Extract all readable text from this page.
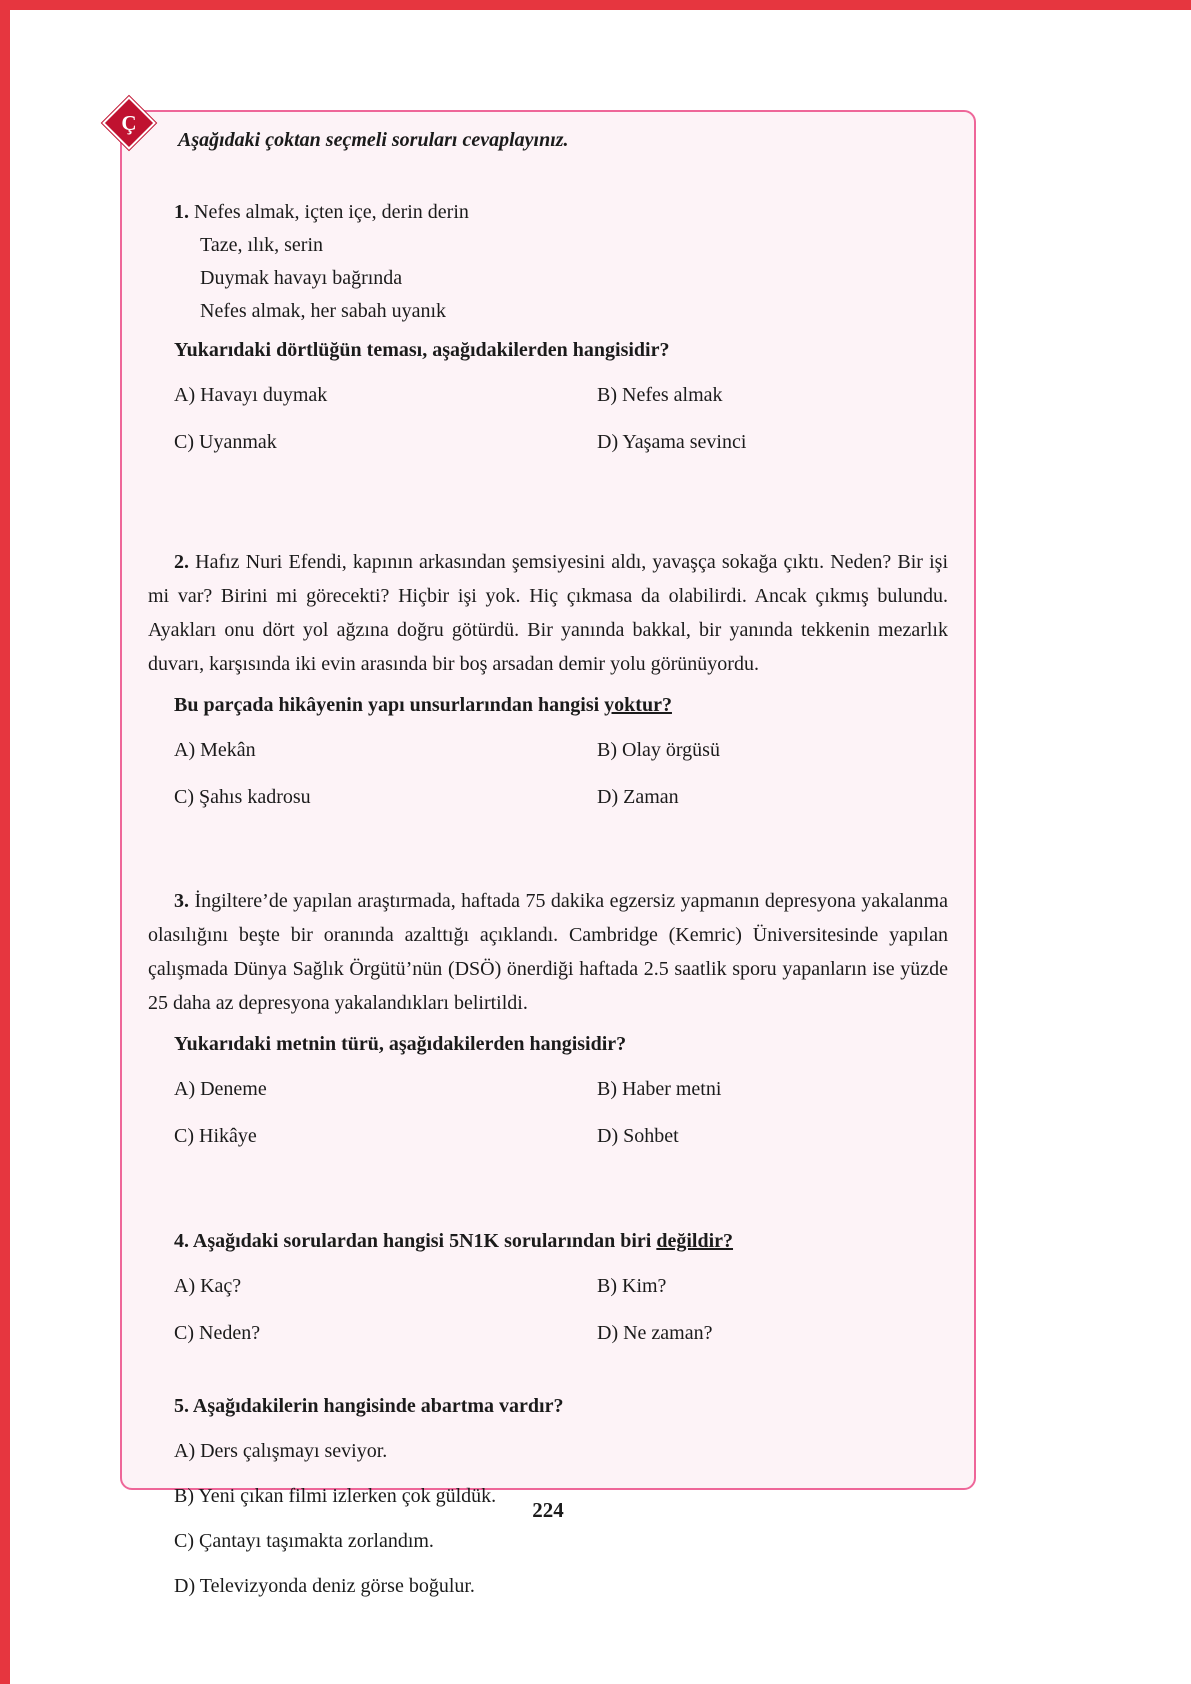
Ç
Aşağıdaki çoktan seçmeli soruları cevaplayınız.

1. Nefes almak, içten içe, derin derin

Taze, ılık, serin

Duymak havayı bağrında

Nefes almak, her sabah uyanık

Yukarıdaki dörtlüğün teması, aşağıdakilerden hangisidir?

A) Havayı duymak	B) Nefes almak
C) Uyanmak	D) Yaşama sevinci

2. Hafız Nuri Efendi, kapının arkasından şemsiyesini aldı, yavaşça sokağa çıktı. Neden? Bir işi mi var? Birini mi görecekti? Hiçbir işi yok. Hiç çıkmasa da olabilirdi. Ancak çıkmış bulundu. Ayakları onu dört yol ağzına doğru götürdü. Bir yanında bakkal, bir yanında tekkenin mezarlık duvarı, karşısında iki evin arasında bir boş arsadan demir yolu görünüyordu.

Bu parçada hikâyenin yapı unsurlarından hangisi yoktur?

A) Mekân	B) Olay örgüsü
C) Şahıs kadrosu	D) Zaman

3. İngiltere’de yapılan araştırmada, haftada 75 dakika egzersiz yapmanın depresyona yakalanma olasılığını beşte bir oranında azalttığı açıklandı. Cambridge (Kemric) Üniversitesinde yapılan çalışmada Dünya Sağlık Örgütü’nün (DSÖ) önerdiği haftada 2.5 saatlik sporu yapanların ise yüzde 25 daha az depresyona yakalandıkları belirtildi.

Yukarıdaki metnin türü, aşağıdakilerden hangisidir?

A) Deneme	B) Haber metni
C) Hikâye	D) Sohbet

4. Aşağıdaki sorulardan hangisi 5N1K sorularından biri değildir?

A) Kaç?	B) Kim?
C) Neden?	D) Ne zaman?

5. Aşağıdakilerin hangisinde abartma vardır?

A) Ders çalışmayı seviyor.
B) Yeni çıkan filmi izlerken çok güldük.
C) Çantayı taşımakta zorlandım.
D) Televizyonda deniz görse boğulur.
224
